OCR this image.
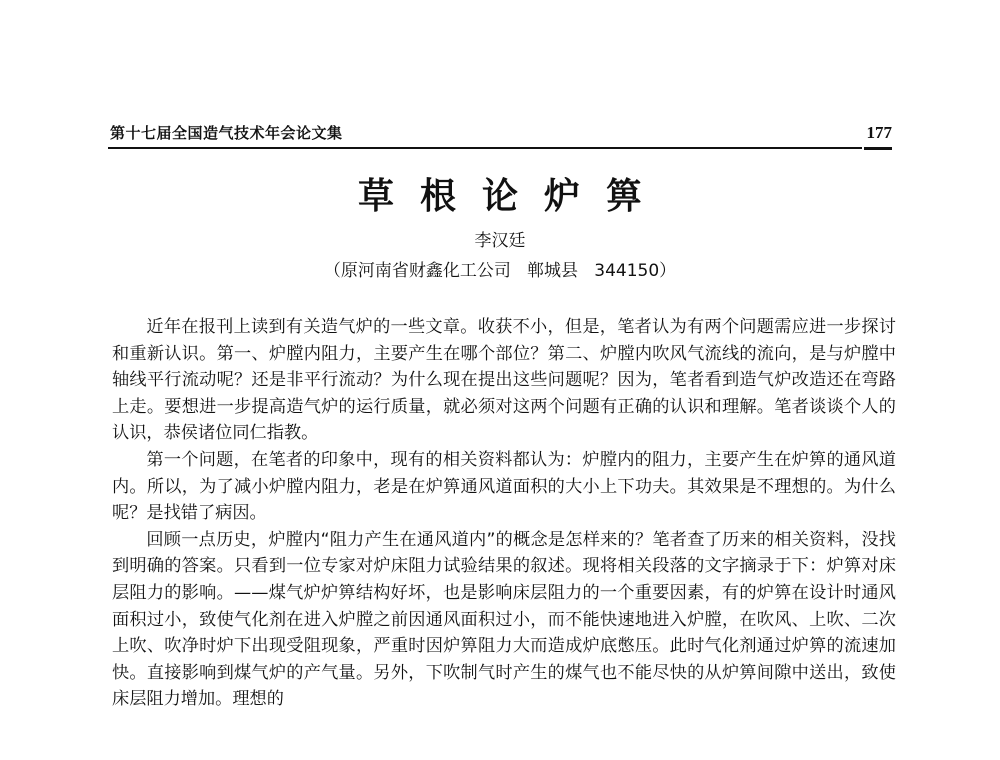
第十七届全国造气技术年会论文集	177
草根论炉箅
李汉廷
（原河南省财鑫化工公司   郸城县   344150）

近年在报刊上读到有关造气炉的一些文章。收获不小，但是，笔者认为有两个问题需应进一步探讨和重新认识。第一、炉膛内阻力，主要产生在哪个部位？第二、炉膛内吹风气流线的流向，是与炉膛中轴线平行流动呢？还是非平行流动？为什么现在提出这些问题呢？因为，笔者看到造气炉改造还在弯路上走。要想进一步提高造气炉的运行质量，就必须对这两个问题有正确的认识和理解。笔者谈谈个人的认识，恭侯诸位同仁指教。

第一个问题，在笔者的印象中，现有的相关资料都认为：炉膛内的阻力，主要产生在炉箅的通风道内。所以，为了减小炉膛内阻力，老是在炉箅通风道面积的大小上下功夫。其效果是不理想的。为什么呢？是找错了病因。

回顾一点历史，炉膛内“阻力产生在通风道内”的概念是怎样来的？笔者查了历来的相关资料，没找到明确的答案。只看到一位专家对炉床阻力试验结果的叙述。现将相关段落的文字摘录于下：炉箅对床层阻力的影响。——煤气炉炉箅结构好坏，也是影响床层阻力的一个重要因素，有的炉箅在设计时通风面积过小，致使气化剂在进入炉膛之前因通风面积过小，而不能快速地进入炉膛，在吹风、上吹、二次上吹、吹净时炉下出现受阻现象，严重时因炉箅阻力大而造成炉底憋压。此时气化剂通过炉箅的流速加快。直接影响到煤气炉的产气量。另外，下吹制气时产生的煤气也不能尽快的从炉箅间隙中送出，致使床层阻力增加。理想的
